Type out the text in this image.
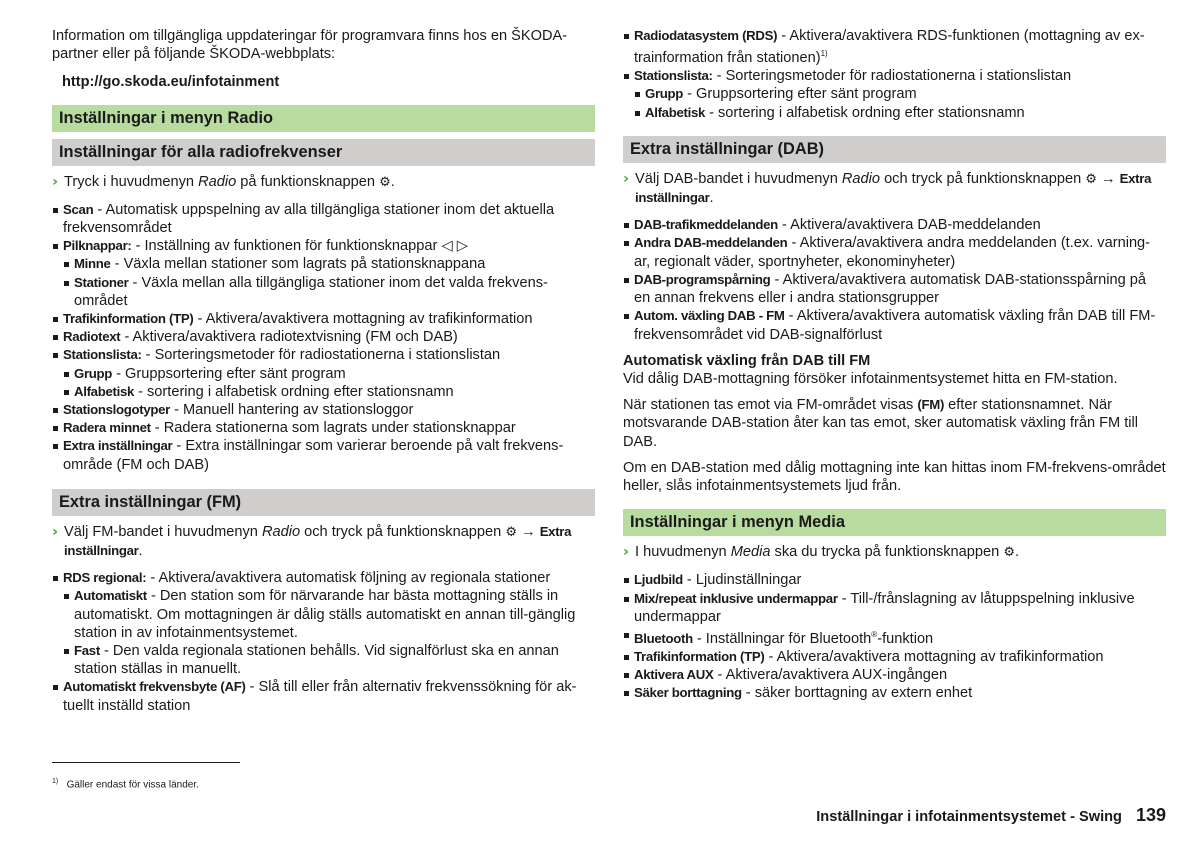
Information om tillgängliga uppdateringar för programvara finns hos en ŠKODA-partner eller på följande ŠKODA-webbplats:

http://go.skoda.eu/infotainment

Inställningar i menyn Radio
Inställningar för alla radiofrekvenser
› Tryck i huvudmenyn Radio på funktionsknappen ⚙.
Scan - Automatisk uppspelning av alla tillgängliga stationer inom det aktuella frekvensområdet
Pilknappar: - Inställning av funktionen för funktionsknappar ◁ ▷
Minne - Växla mellan stationer som lagrats på stationsknappana
Stationer - Växla mellan alla tillgängliga stationer inom det valda frekvens-området
Trafikinformation (TP) - Aktivera/avaktivera mottagning av trafikinformation
Radiotext - Aktivera/avaktivera radiotextvisning (FM och DAB)
Stationslista: - Sorteringsmetoder för radiostationerna i stationslistan
Grupp - Gruppsortering efter sänt program
Alfabetisk - sortering i alfabetisk ordning efter stationsnamn
Stationslogotyper - Manuell hantering av stationsloggor
Radera minnet - Radera stationerna som lagrats under stationsknappar
Extra inställningar - Extra inställningar som varierar beroende på valt frekvens-område (FM och DAB)
Extra inställningar (FM)
› Välj FM-bandet i huvudmenyn Radio och tryck på funktionsknappen ⚙ → Extra inställningar.
RDS regional: - Aktivera/avaktivera automatisk följning av regionala stationer
Automatiskt - Den station som för närvarande har bästa mottagning ställs in automatiskt. Om mottagningen är dålig ställs automatiskt en annan till-gänglig station in av infotainmentsystemet.
Fast - Den valda regionala stationen behålls. Vid signalförlust ska en annan station ställas in manuellt.
Automatiskt frekvensbyte (AF) - Slå till eller från alternativ frekvenssökning för ak-tuellt inställd station
Radiodatasystem (RDS) - Aktivera/avaktivera RDS-funktionen (mottagning av ex-trainformation från stationen)$^{1)}$
Stationslista: - Sorteringsmetoder för radiostationerna i stationslistan
Grupp - Gruppsortering efter sänt program
Alfabetisk - sortering i alfabetisk ordning efter stationsnamn
Extra inställningar (DAB)
› Välj DAB-bandet i huvudmenyn Radio och tryck på funktionsknappen ⚙ → Extra inställningar.
DAB-trafikmeddelanden - Aktivera/avaktivera DAB-meddelanden
Andra DAB-meddelanden - Aktivera/avaktivera andra meddelanden (t.ex. varning-ar, regionalt väder, sportnyheter, ekonominyheter)
DAB-programspårning - Aktivera/avaktivera automatisk DAB-stationsspårning på en annan frekvens eller i andra stationsgrupper
Autom. växling DAB - FM - Aktivera/avaktivera automatisk växling från DAB till FM-frekvensområdet vid DAB-signalförlust

Automatisk växling från DAB till FM

Vid dålig DAB-mottagning försöker infotainmentsystemet hitta en FM-station.

När stationen tas emot via FM-området visas (FM) efter stationsnamnet. När motsvarande DAB-station åter kan tas emot, sker automatisk växling från FM till DAB.

Om en DAB-station med dålig mottagning inte kan hittas inom FM-frekvens-området heller, slås infotainmentsystemets ljud från.

Inställningar i menyn Media
› I huvudmenyn Media ska du trycka på funktionsknappen ⚙.
Ljudbild - Ljudinställningar
Mix/repeat inklusive undermappar - Till-/frånslagning av låtuppspelning inklusive undermappar
Bluetooth - Inställningar för Bluetooth®-funktion
Trafikinformation (TP) - Aktivera/avaktivera mottagning av trafikinformation
Aktivera AUX - Aktivera/avaktivera AUX-ingången
Säker borttagning - säker borttagning av extern enhet
$^{1)}$ Gäller endast för vissa länder.
Inställningar i infotainmentsystemet - Swing 139
